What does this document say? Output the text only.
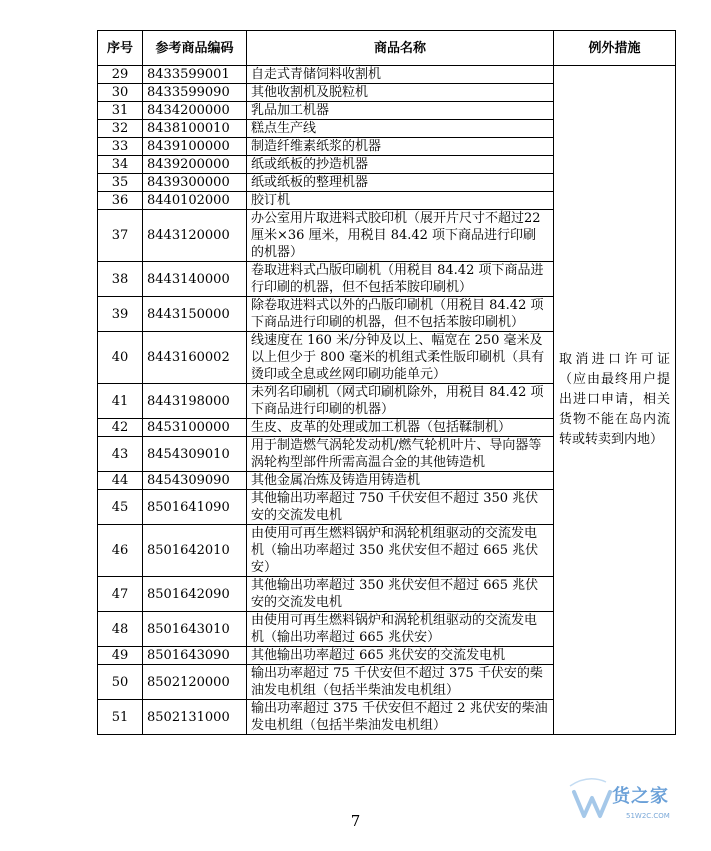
序号	参考商品编码	商品名称	例外措施
29	8433599001	自走式青储饲料收割机	取消进口许可证（应由最终用户提出进口申请，相关货物不能在岛内流转或转卖到内地）
30	8433599090	其他收割机及脱粒机	
31	8434200000	乳品加工机器	
32	8438100010	糕点生产线	
33	8439100000	制造纤维素纸浆的机器	
34	8439200000	纸或纸板的抄造机器	
35	8439300000	纸或纸板的整理机器	
36	8440102000	胶订机	
37	8443120000	办公室用片取进料式胶印机（展开片尺寸不超过22 厘米×36 厘米，用税目 84.42 项下商品进行印刷的机器）	
38	8443140000	卷取进料式凸版印刷机（用税目 84.42 项下商品进行印刷的机器，但不包括苯胺印刷机）	
39	8443150000	除卷取进料式以外的凸版印刷机（用税目 84.42 项下商品进行印刷的机器，但不包括苯胺印刷机）	
40	8443160002	线速度在 160 米/分钟及以上、幅宽在 250 毫米及以上但少于 800 毫米的机组式柔性版印刷机（具有烫印或全息或丝网印刷功能单元）	
41	8443198000	未列名印刷机（网式印刷机除外，用税目 84.42 项下商品进行印刷的机器）	
42	8453100000	生皮、皮革的处理或加工机器（包括鞣制机）	
43	8454309010	用于制造燃气涡轮发动机/燃气轮机叶片、导向器等涡轮构型部件所需高温合金的其他铸造机	
44	8454309090	其他金属冶炼及铸造用铸造机	
45	8501641090	其他输出功率超过 750 千伏安但不超过 350 兆伏安的交流发电机	
46	8501642010	由使用可再生燃料锅炉和涡轮机组驱动的交流发电机（输出功率超过 350 兆伏安但不超过 665 兆伏安）	
47	8501642090	其他输出功率超过 350 兆伏安但不超过 665 兆伏安的交流发电机	
48	8501643010	由使用可再生燃料锅炉和涡轮机组驱动的交流发电机（输出功率超过 665 兆伏安）	
49	8501643090	其他输出功率超过 665 兆伏安的交流发电机	
50	8502120000	输出功率超过 75 千伏安但不超过 375 千伏安的柴油发电机组（包括半柴油发电机组）	
51	8502131000	输出功率超过 375 千伏安但不超过 2 兆伏安的柴油发电机组（包括半柴油发电机组）	
7
货之家
51W2C.COM
